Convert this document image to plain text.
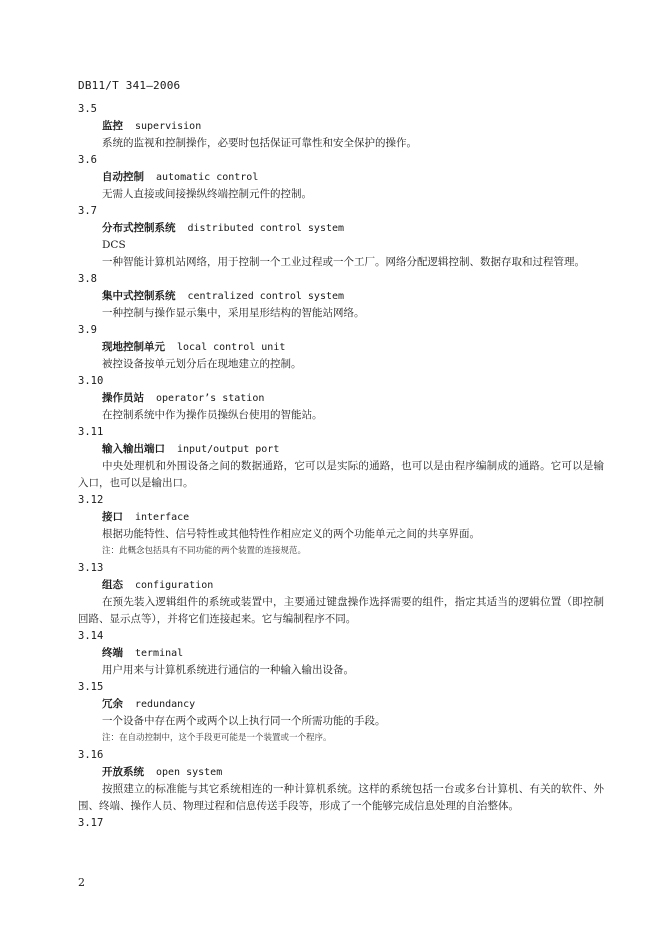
DB11/T 341—2006
3.5
监控 supervision

系统的监视和控制操作，必要时包括保证可靠性和安全保护的操作。

3.6
自动控制 automatic control

无需人直接或间接操纵终端控制元件的控制。

3.7
分布式控制系统 distributed control system
DCS

一种智能计算机站网络，用于控制一个工业过程或一个工厂。网络分配逻辑控制、数据存取和过程管理。

3.8
集中式控制系统 centralized control system

一种控制与操作显示集中，采用星形结构的智能站网络。

3.9
现地控制单元 local control unit

被控设备按单元划分后在现地建立的控制。

3.10
操作员站 operator’s station

在控制系统中作为操作员操纵台使用的智能站。

3.11
输入输出端口 input/output port

中央处理机和外围设备之间的数据通路，它可以是实际的通路，也可以是由程序编制成的通路。它可以是输入口，也可以是输出口。

3.12
接口 interface

根据功能特性、信号特性或其他特性作相应定义的两个功能单元之间的共享界面。

注：此概念包括具有不同功能的两个装置的连接规范。
3.13
组态 configuration

在预先装入逻辑组件的系统或装置中，主要通过键盘操作选择需要的组件，指定其适当的逻辑位置（即控制回路、显示点等），并将它们连接起来。它与编制程序不同。

3.14
终端 terminal

用户用来与计算机系统进行通信的一种输入输出设备。

3.15
冗余 redundancy

一个设备中存在两个或两个以上执行同一个所需功能的手段。

注：在自动控制中，这个手段更可能是一个装置或一个程序。
3.16
开放系统 open system

按照建立的标准能与其它系统相连的一种计算机系统。这样的系统包括一台或多台计算机、有关的软件、外围、终端、操作人员、物理过程和信息传送手段等，形成了一个能够完成信息处理的自治整体。

3.17
2
